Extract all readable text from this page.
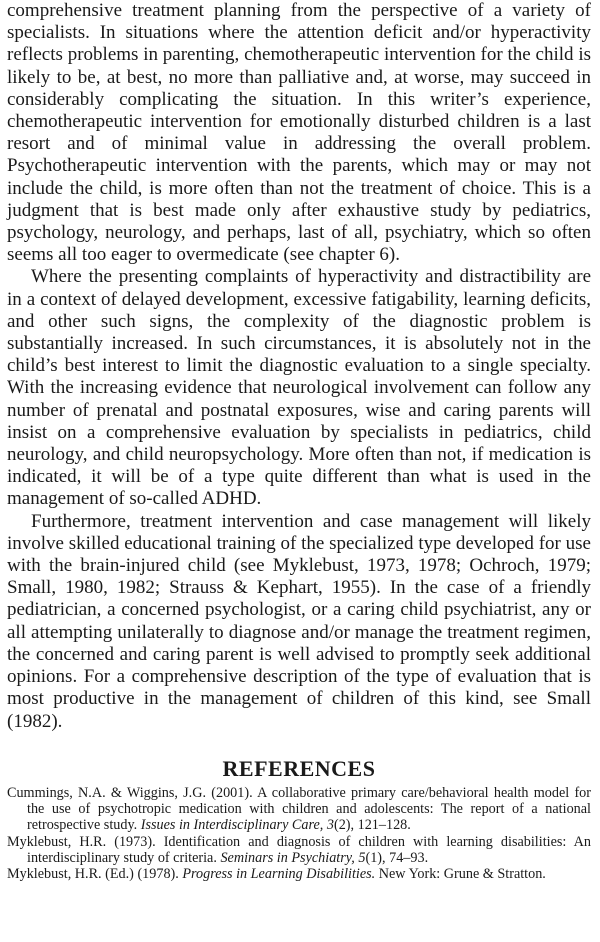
comprehensive treatment planning from the perspective of a variety of specialists. In situations where the attention deficit and/or hyperactivity reflects problems in parenting, chemotherapeutic intervention for the child is likely to be, at best, no more than palliative and, at worse, may succeed in considerably complicating the situation. In this writer’s experience, chemotherapeutic intervention for emotionally disturbed children is a last resort and of minimal value in addressing the overall problem. Psychotherapeutic intervention with the parents, which may or may not include the child, is more often than not the treatment of choice. This is a judgment that is best made only after exhaustive study by pediatrics, psychology, neurology, and perhaps, last of all, psychiatry, which so often seems all too eager to overmedicate (see chapter 6).

Where the presenting complaints of hyperactivity and distractibility are in a context of delayed development, excessive fatigability, learning deficits, and other such signs, the complexity of the diagnostic problem is substantially increased. In such circumstances, it is absolutely not in the child’s best interest to limit the diagnostic evaluation to a single specialty. With the increasing evidence that neurological involvement can follow any number of prenatal and postnatal exposures, wise and caring parents will insist on a comprehensive evaluation by specialists in pediatrics, child neurology, and child neuropsychology. More often than not, if medication is indicated, it will be of a type quite different than what is used in the management of so-called ADHD.

Furthermore, treatment intervention and case management will likely involve skilled educational training of the specialized type developed for use with the brain-injured child (see Myklebust, 1973, 1978; Ochroch, 1979; Small, 1980, 1982; Strauss & Kephart, 1955). In the case of a friendly pediatrician, a concerned psychologist, or a caring child psychiatrist, any or all attempting unilaterally to diagnose and/or manage the treatment regimen, the concerned and caring parent is well advised to promptly seek additional opinions. For a comprehensive description of the type of evaluation that is most productive in the management of children of this kind, see Small (1982).

REFERENCES

Cummings, N.A. & Wiggins, J.G. (2001). A collaborative primary care/behavioral health model for the use of psychotropic medication with children and adolescents: The report of a national retrospective study. Issues in Interdisciplinary Care, 3(2), 121–128.

Myklebust, H.R. (1973). Identification and diagnosis of children with learning disabilities: An interdisciplinary study of criteria. Seminars in Psychiatry, 5(1), 74–93.

Myklebust, H.R. (Ed.) (1978). Progress in Learning Disabilities. New York: Grune & Stratton.
